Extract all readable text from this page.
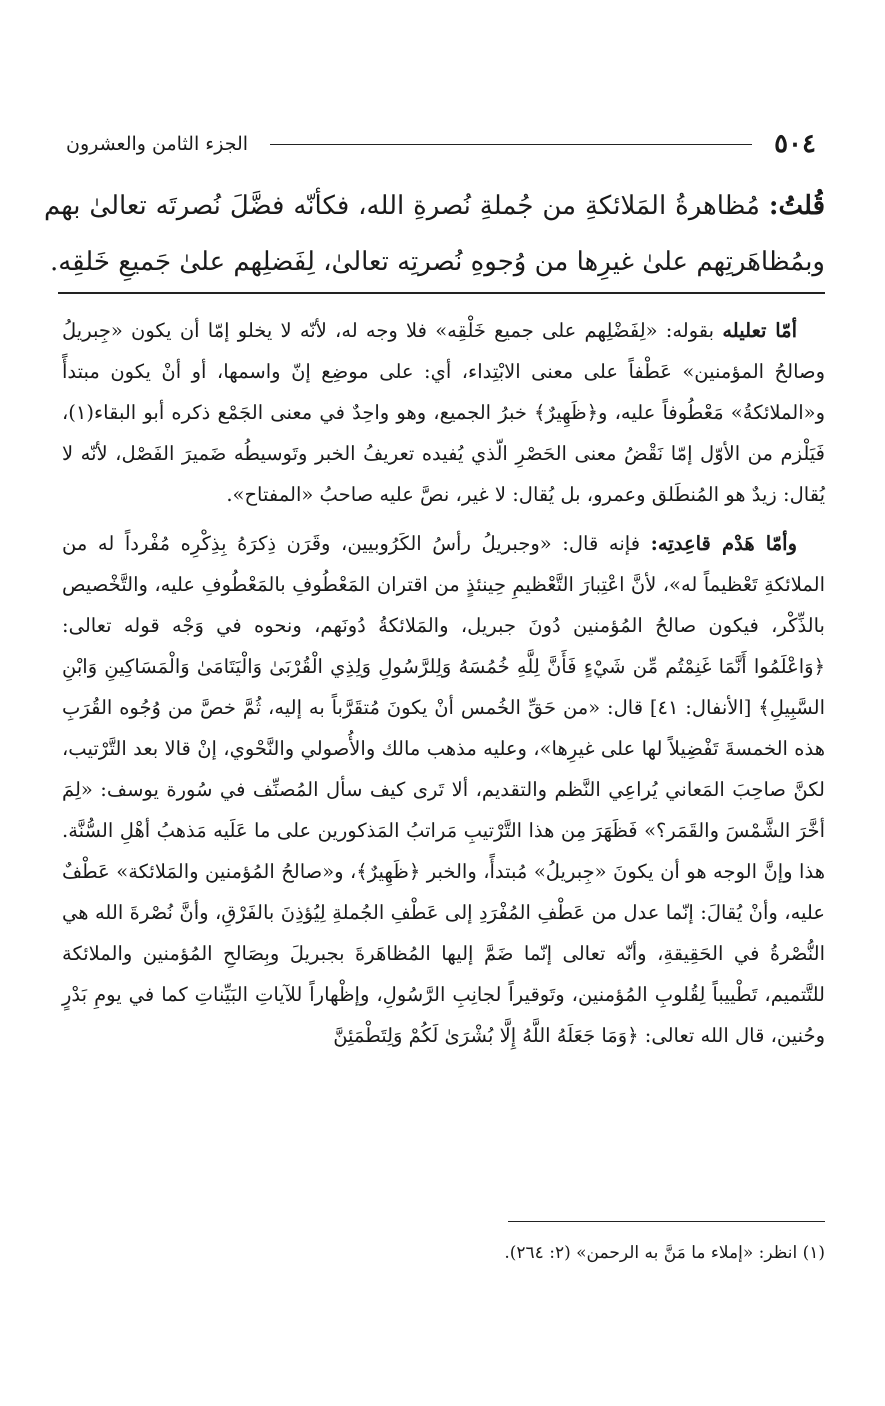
الجزء الثامن والعشرون	٥٠٤
قُلتُ: مُظاهرةُ المَلائكةِ من جُملةِ نُصرةِ الله، فكأنّه فضَّلَ نُصرتَه تعالىٰ بهم وبمُظاهَرتِهم علىٰ غيرِها من وُجوهِ نُصرتِه تعالىٰ، لِفَضلِهم علىٰ جَميعِ خَلقِه.

أمّا تعليله بقوله: «لِفَضْلِهم على جميع خَلْقِه» فلا وجه له، لأنّه لا يخلو إمّا أن يكون «جِبريلُ وصالحُ المؤمنين» عَطْفاً على معنى الابْتِداء، أي: على موضِع إنّ واسمها، أو أنْ يكون مبتدأً و«الملائكةُ» مَعْطُوفاً عليه، و﴿ظَهِيرٌ﴾ خبرُ الجميع، وهو واحِدٌ في معنى الجَمْع ذكره أبو البقاء(١)، فَيَلْزم من الأوّل إمّا نَقْضُ معنى الحَصْرِ الّذي يُفيده تعريفُ الخبر وتَوسيطُه ضَميرَ الفَصْل، لأنّه لا يُقال: زيدٌ هو المُنطَلق وعمرو، بل يُقال: لا غير، نصَّ عليه صاحبُ «المفتاح».

وأمّا هَدْم قاعِدتِه: فإنه قال: «وجبريلُ رأسُ الكَرُوبيين، وقَرَن ذِكرَهُ بِذِكْرِه مُفْرداً له من الملائكةِ تَعْظيماً له»، لأنَّ اعْتِبارَ التَّعْظيمِ حِينئذٍ من اقتران المَعْطُوفِ بالمَعْطُوفِ عليه، والتَّخْصيص بالذِّكْر، فيكون صالحُ المُؤمنين دُونَ جبريل، والمَلائكةُ دُونَهم، ونحوه في وَجْه قوله تعالى: ﴿وَاعْلَمُوا أَنَّمَا غَنِمْتُم مِّن شَيْءٍ فَأَنَّ لِلَّهِ خُمُسَهُ وَلِلرَّسُولِ وَلِذِي الْقُرْبَىٰ وَالْيَتَامَىٰ وَالْمَسَاكِينِ وَابْنِ السَّبِيلِ﴾ [الأنفال: ٤١] قال: «من حَقِّ الخُمس أنْ يكونَ مُتقَرَّباً به إليه، ثُمَّ خصَّ من وُجُوه القُرَبِ هذه الخمسةَ تَفْضِيلاً لها على غيرِها»، وعليه مذهب مالك والأُصولي والنَّحْوي، إنْ قالا بعد التَّرْتيب، لكنَّ صاحِبَ المَعاني يُراعِي النَّظم والتقديم، ألا تَرى كيف سأل المُصنِّف في سُورة يوسف: «لِمَ أخَّرَ الشَّمْسَ والقَمَر؟» فَظَهَرَ مِن هذا التَّرْتيبِ مَراتبُ المَذكورين على ما عَلَيه مَذهبُ أهْلِ السُّنَّة. هذا وإنَّ الوجه هو أن يكونَ «جِبريلُ» مُبتدأً، والخبر ﴿ظَهِيرٌ﴾، و«صالحُ المُؤمنين والمَلائكة» عَطْفٌ عليه، وأنْ يُقالَ: إنّما عدل من عَطْفِ المُفْرَدِ إلى عَطْفِ الجُملةِ لِيُؤذِنَ بالفَرْقِ، وأنَّ نُصْرةَ الله هي النُّصْرةُ في الحَقِيقةِ، وأنّه تعالى إنّما ضَمَّ إليها المُظاهَرةَ بجبريلَ وبِصَالحِ المُؤمنين والملائكة للتَّتميم، تَطْييباً لِقُلوبِ المُؤمنين، وتَوقيراً لجانِبِ الرَّسُولِ، وإظْهاراً للآياتِ البَيِّناتِ كما في يومِ بَدْرٍ وحُنين، قال الله تعالى: ﴿وَمَا جَعَلَهُ اللَّهُ إِلَّا بُشْرَىٰ لَكُمْ وَلِتَطْمَئِنَّ

(١) انظر: «إملاء ما مَنَّ به الرحمن» (٢: ٢٦٤).
